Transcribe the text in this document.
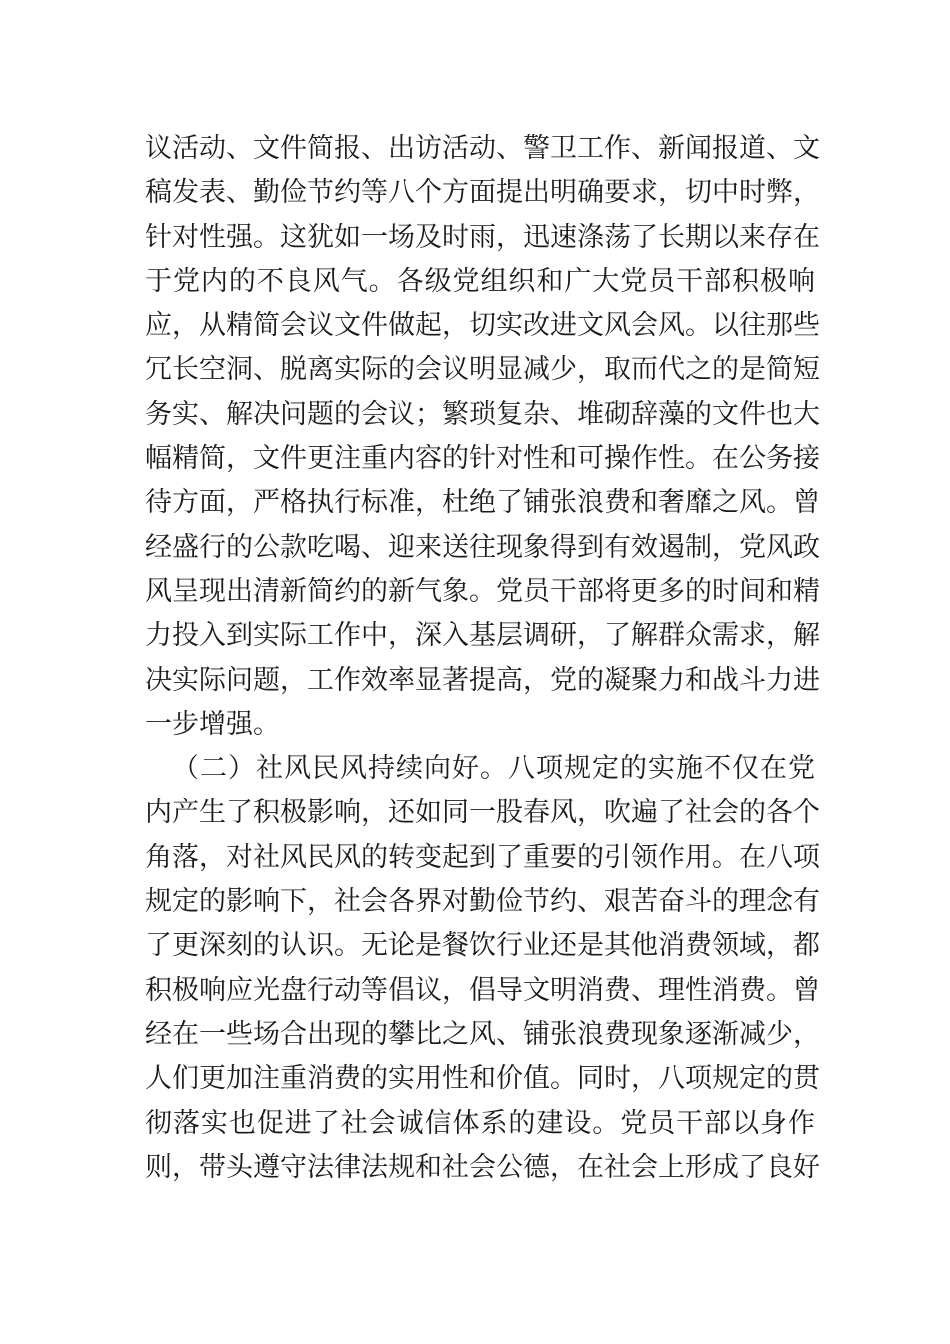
议活动、文件简报、出访活动、警卫工作、新闻报道、文
稿发表、勤俭节约等八个方面提出明确要求，切中时弊，
针对性强。这犹如一场及时雨，迅速涤荡了长期以来存在
于党内的不良风气。各级党组织和广大党员干部积极响
应，从精简会议文件做起，切实改进文风会风。以往那些
冗长空洞、脱离实际的会议明显减少，取而代之的是简短
务实、解决问题的会议；繁琐复杂、堆砌辞藻的文件也大
幅精简，文件更注重内容的针对性和可操作性。在公务接
待方面，严格执行标准，杜绝了铺张浪费和奢靡之风。曾
经盛行的公款吃喝、迎来送往现象得到有效遏制，党风政
风呈现出清新简约的新气象。党员干部将更多的时间和精
力投入到实际工作中，深入基层调研，了解群众需求，解
决实际问题，工作效率显著提高，党的凝聚力和战斗力进
一步增强。
（二）社风民风持续向好。八项规定的实施不仅在党
内产生了积极影响，还如同一股春风，吹遍了社会的各个
角落，对社风民风的转变起到了重要的引领作用。在八项
规定的影响下，社会各界对勤俭节约、艰苦奋斗的理念有
了更深刻的认识。无论是餐饮行业还是其他消费领域，都
积极响应光盘行动等倡议，倡导文明消费、理性消费。曾
经在一些场合出现的攀比之风、铺张浪费现象逐渐减少，
人们更加注重消费的实用性和价值。同时，八项规定的贯
彻落实也促进了社会诚信体系的建设。党员干部以身作
则，带头遵守法律法规和社会公德，在社会上形成了良好
